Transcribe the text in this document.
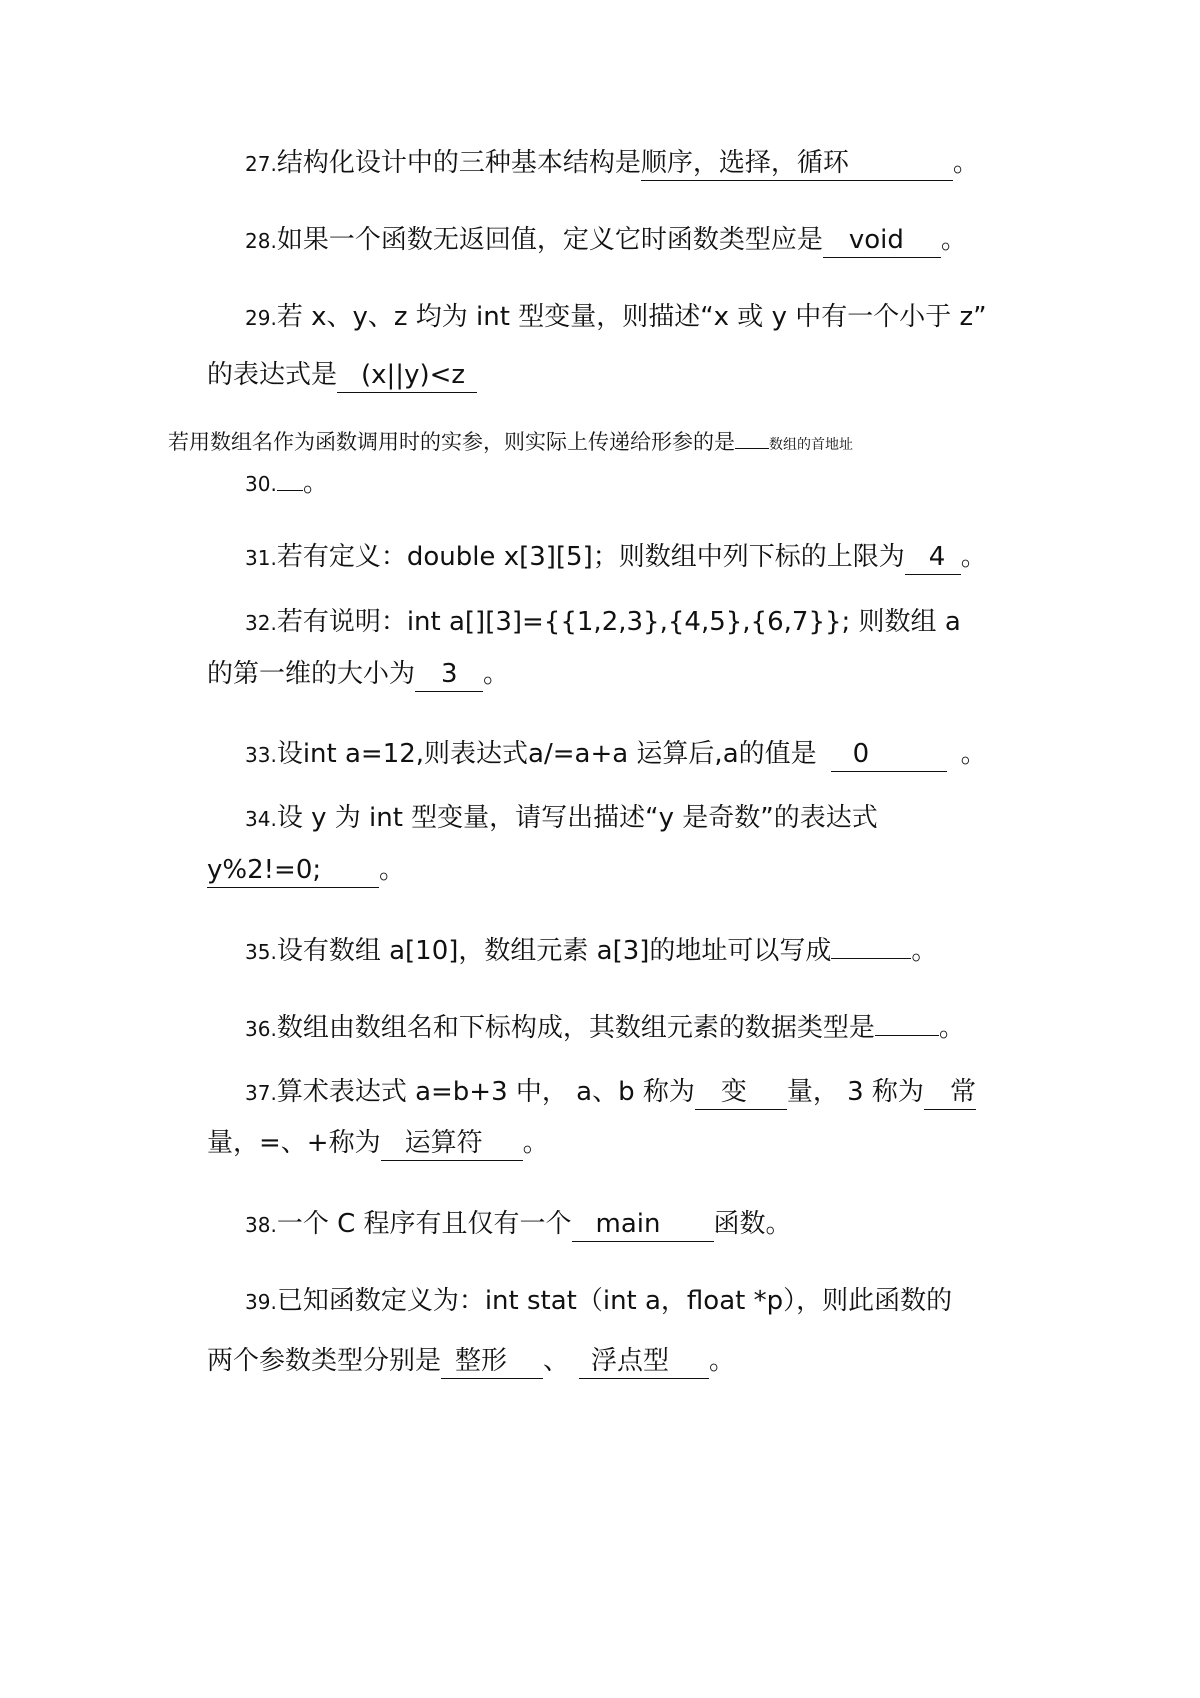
27.结构化设计中的三种基本结构是顺序，选择，循环	。
28.如果一个函数无返回值，定义它时函数类型应是 void 。
29.若 x、y、z 均为 int 型变量，则描述“x 或 y 中有一个小于 z”
的表达式是 (x||y)<z
若用数组名作为函数调用时的实参，则实际上传递给形参的是 数组的首地址
30. 。
31.若有定义：double x[3][5]；则数组中列下标的上限为 4 。
32.若有说明：int a[][3]={{1,2,3},{4,5},{6,7}}; 则数组 a
的第一维的大小为 3 。
33.设int a=12,则表达式a/=a+a 运算后,a的值是 0	。
34.设 y 为 int 型变量，请写出描述“y 是奇数”的表达式
y%2!=0; 。
35.设有数组 a[10]，数组元素 a[3]的地址可以写成	。
36.数组由数组名和下标构成，其数组元素的数据类型是 。
37.算术表达式 a=b+3 中， a、b 称为 变 量， 3 称为 常
量，=、+称为 运算符 。
38.一个 C 程序有且仅有一个 main 函数。
39.已知函数定义为：int stat（int a，float *p），则此函数的
两个参数类型分别是 整形 、 浮点型 。
